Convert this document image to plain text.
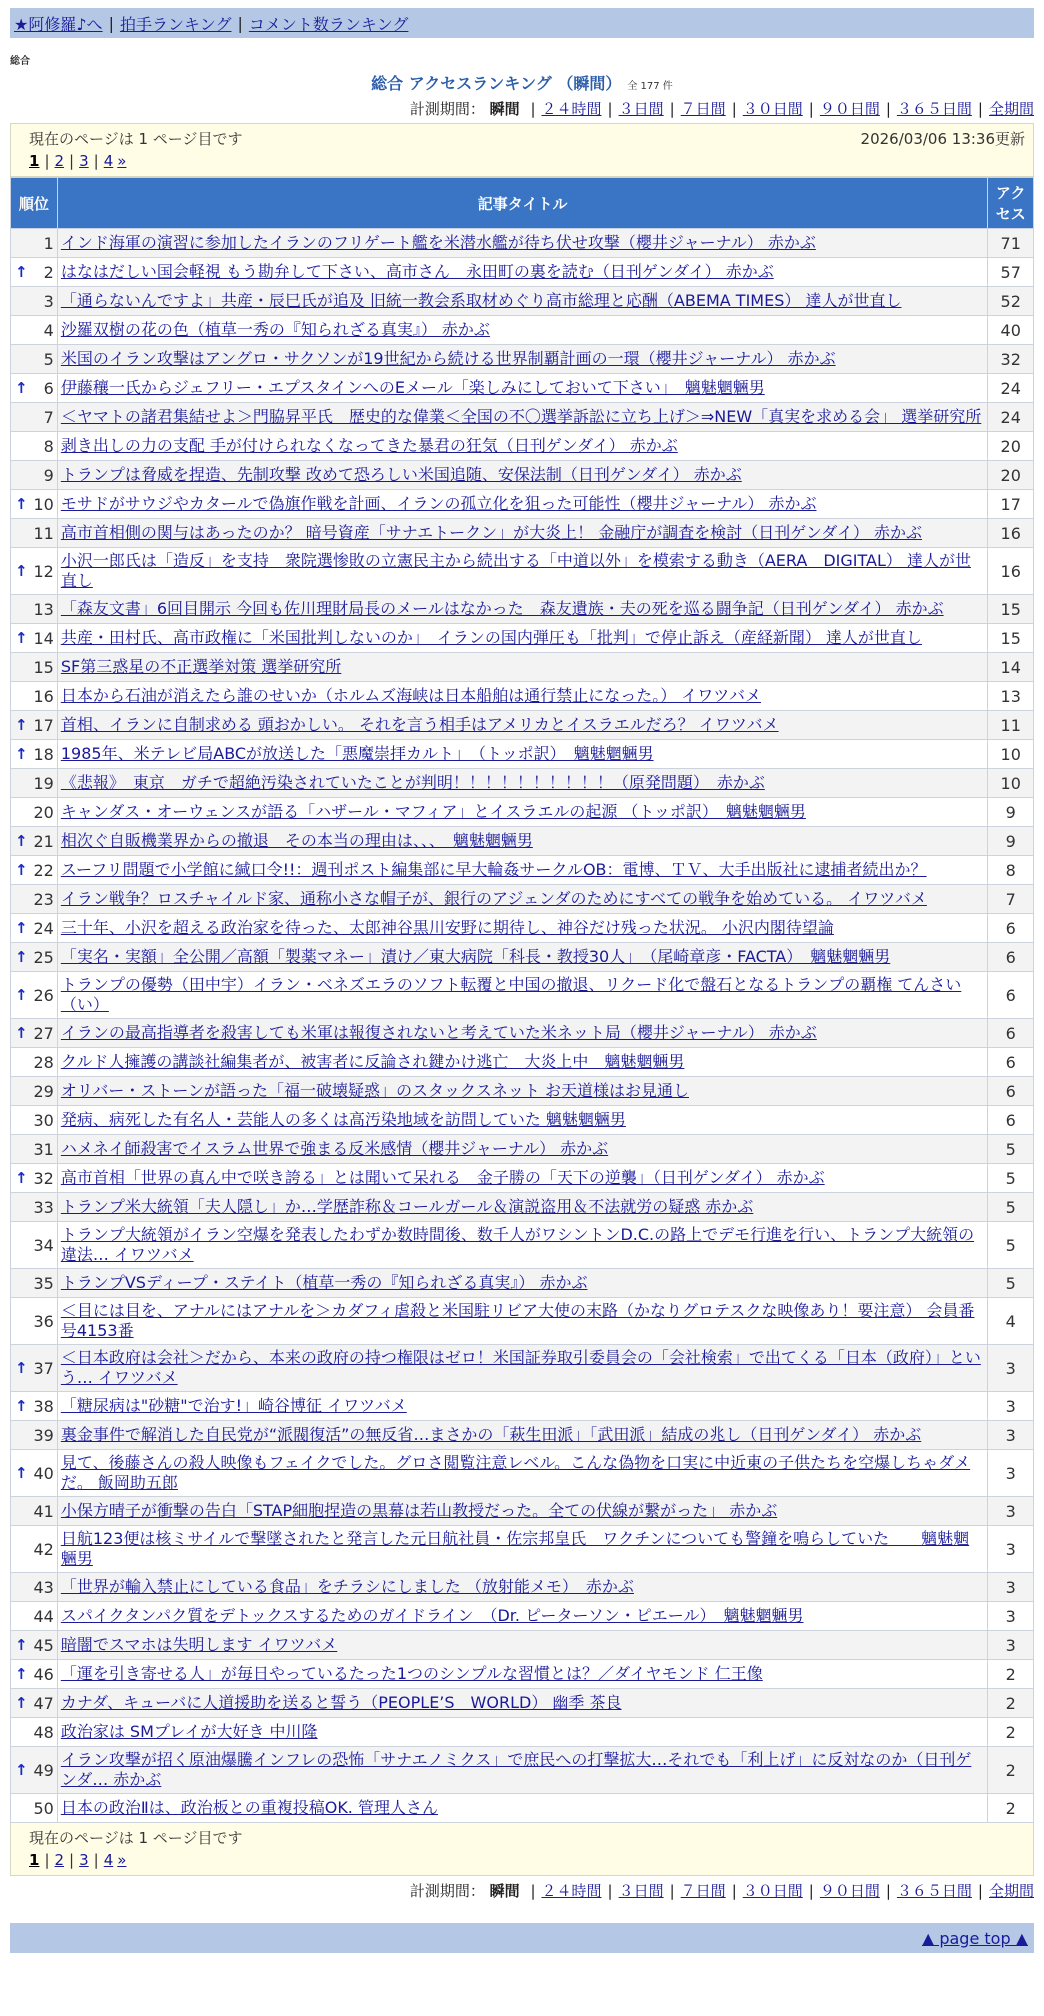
★阿修羅♪へ | 拍手ランキング | コメント数ランキング
総合
総合 アクセスランキング （瞬間） 全 177 件
計測期間： 瞬間 | ２４時間 | ３日間 | ７日間 | ３０日間 | ９０日間 | ３６５日間 | 全期間
現在のページは 1 ページ目です	2026/03/06 13:36更新
1 | 2 | 3 | 4 »
順位	記事タイトル	アクセス
1	インド海軍の演習に参加したイランのフリゲート艦を米潜水艦が待ち伏せ攻撃（櫻井ジャーナル） 赤かぶ	71

↑ 2	はなはだしい国会軽視 もう勘弁して下さい、高市さん　永田町の裏を読む（日刊ゲンダイ） 赤かぶ	57
3	「通らないんですよ」共産・辰巳氏が追及 旧統一教会系取材めぐり高市総理と応酬（ABEMA TIMES） 達人が世直し	52
4	沙羅双樹の花の色（植草一秀の『知られざる真実』） 赤かぶ	40
5	米国のイラン攻撃はアングロ・サクソンが19世紀から続ける世界制覇計画の一環（櫻井ジャーナル） 赤かぶ	32

↑ 6	伊藤穰一氏からジェフリー・エプスタインへのEメール「楽しみにしておいて下さい」　魑魅魍魎男	24
7	＜ヤマトの諸君集結せよ＞門脇昇平氏　歴史的な偉業＜全国の不〇選挙訴訟に立ち上げ＞⇒NEW「真実を求める会」 選挙研究所	24
8	剥き出しの力の支配 手が付けられなくなってきた暴君の狂気（日刊ゲンダイ） 赤かぶ	20
9	トランプは脅威を捏造、先制攻撃 改めて恐ろしい米国追随、安保法制（日刊ゲンダイ） 赤かぶ	20

↑ 10	モサドがサウジやカタールで偽旗作戦を計画、イランの孤立化を狙った可能性（櫻井ジャーナル） 赤かぶ	17
11	高市首相側の関与はあったのか？ 暗号資産「サナエトークン」が大炎上！ 金融庁が調査を検討（日刊ゲンダイ） 赤かぶ	16

↑ 12	小沢一郎氏は「造反」を支持　衆院選惨敗の立憲民主から続出する「中道以外」を模索する動き（AERA　DIGITAL） 達人が世直し	16
13	「森友文書」6回目開示 今回も佐川理財局長のメールはなかった　森友遺族・夫の死を巡る闘争記（日刊ゲンダイ） 赤かぶ	15

↑ 14	共産・田村氏、高市政権に「米国批判しないのか」　イランの国内弾圧も「批判」で停止訴え（産経新聞） 達人が世直し	15
15	SF第三惑星の不正選挙対策 選挙研究所	14
16	日本から石油が消えたら誰のせいか（ホルムズ海峡は日本船舶は通行禁止になった。） イワツバメ	13

↑ 17	首相、イランに自制求める 頭おかしい。 それを言う相手はアメリカとイスラエルだろ？ イワツバメ	11

↑ 18	1985年、米テレビ局ABCが放送した「悪魔崇拝カルト」　（トッポ訳）　魑魅魍魎男	10
19	《悲報》　東京　ガチで超絶汚染されていたことが判明！！！！！！！！！！（原発問題）　赤かぶ	10
20	キャンダス・オーウェンスが語る「ハザール・マフィア」とイスラエルの起源 （トッポ訳）　魑魅魍魎男	9

↑ 21	相次ぐ自販機業界からの撤退　その本当の理由は、、、　魑魅魍魎男	9

↑ 22	スーフリ問題で小学館に緘口令!!：週刊ポスト編集部に早大輪姦サークルOB：電博、ＴＶ、大手出版社に逮捕者続出か？	8
23	イラン戦争？ロスチャイルド家、通称小さな帽子が、銀行のアジェンダのためにすべての戦争を始めている。 イワツバメ	7

↑ 24	三十年、小沢を超える政治家を待った、太郎神谷黒川安野に期待し、神谷だけ残った状況。 小沢内閣待望論	6

↑ 25	「実名・実額」全公開／高額「製薬マネー」漬け／東大病院「科長・教授30人」　（尾崎章彦・FACTA）　魑魅魍魎男	6

↑ 26	トランプの優勢（田中宇）イラン・ベネズエラのソフト転覆と中国の撤退、リクード化で盤石となるトランプの覇権 てんさい（い）	6

↑ 27	イランの最高指導者を殺害しても米軍は報復されないと考えていた米ネット局（櫻井ジャーナル） 赤かぶ	6
28	クルド人擁護の講談社編集者が、被害者に反論され鍵かけ逃亡　大炎上中　魑魅魍魎男	6
29	オリバー・ストーンが語った「福一破壊疑惑」のスタックスネット お天道様はお見通し	6
30	発病、病死した有名人・芸能人の多くは高汚染地域を訪問していた 魑魅魍魎男	6
31	ハメネイ師殺害でイスラム世界で強まる反米感情（櫻井ジャーナル） 赤かぶ	5

↑ 32	高市首相「世界の真ん中で咲き誇る」とは聞いて呆れる　金子勝の「天下の逆襲」（日刊ゲンダイ） 赤かぶ	5
33	トランプ米大統領「夫人隠し」か…学歴詐称＆コールガール＆演説盗用＆不法就労の疑惑 赤かぶ	5
34	トランプ大統領がイラン空爆を発表したわずか数時間後、数千人がワシントンD.C.の路上でデモ行進を行い、トランプ大統領の違法… イワツバメ	5
35	トランプVSディープ・ステイト（植草一秀の『知られざる真実』） 赤かぶ	5
36	＜目には目を、アナルにはアナルを＞カダフィ虐殺と米国駐リビア大使の末路（かなりグロテスクな映像あり！要注意） 会員番号4153番	4

↑ 37	＜日本政府は会社＞だから、本来の政府の持つ権限はゼロ！米国証券取引委員会の「会社検索」で出てくる「日本（政府）」という… イワツバメ	3

↑ 38	「糖尿病は"砂糖"で治す!」崎谷博征 イワツバメ	3
39	裏金事件で解消した自民党が“派閥復活”の無反省…まさかの「萩生田派」「武田派」結成の兆し（日刊ゲンダイ） 赤かぶ	3

↑ 40	見て、後藤さんの殺人映像もフェイクでした。グロさ閲覧注意レベル。こんな偽物を口実に中近東の子供たちを空爆しちゃダメだ。 飯岡助五郎	3
41	小保方晴子が衝撃の告白「STAP細胞捏造の黒幕は若山教授だった。全ての伏線が繋がった」 赤かぶ	3
42	日航123便は核ミサイルで撃墜されたと発言した元日航社員・佐宗邦皇氏　ワクチンについても警鐘を鳴らしていた　　魑魅魍魎男	3
43	「世界が輸入禁止にしている食品」をチラシにしました （放射能メモ）　赤かぶ	3
44	スパイクタンパク質をデトックスするためのガイドライン　（Dr. ピーターソン・ピエール）　魑魅魍魎男	3

↑ 45	暗闇でスマホは失明します イワツバメ	3

↑ 46	「運を引き寄せる人」が毎日やっているたった1つのシンプルな習慣とは？／ダイヤモンド 仁王像	2

↑ 47	カナダ、キューバに人道援助を送ると誓う（PEOPLE’S　WORLD） 幽季 茶良	2
48	政治家は SMプレイが大好き 中川隆	2

↑ 49	イラン攻撃が招く原油爆騰インフレの恐怖「サナエノミクス」で庶民への打撃拡大…それでも「利上げ」に反対なのか（日刊ゲンダ… 赤かぶ	2
50	日本の政治Ⅱは、政治板との重複投稿OK. 管理人さん	2
現在のページは 1 ページ目です
1 | 2 | 3 | 4 »
計測期間： 瞬間 | ２４時間 | ３日間 | ７日間 | ３０日間 | ９０日間 | ３６５日間 | 全期間
▲ page top ▲
